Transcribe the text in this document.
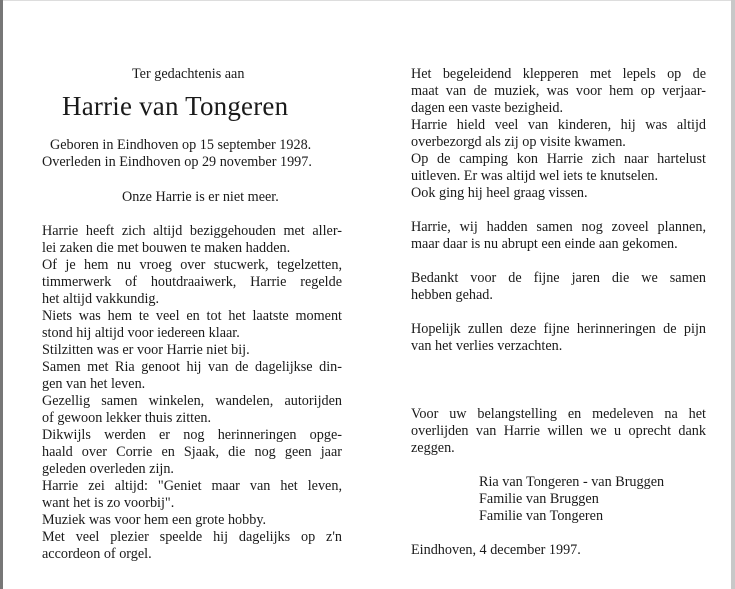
Ter gedachtenis aan
Geboren in Eindhoven op 15 september 1928.
Overleden in Eindhoven op 29 november 1997.
Onze Harrie is er niet meer.
Harrie heeft zich altijd beziggehouden met aller-
lei zaken die met bouwen te maken hadden.
Of je hem nu vroeg over stucwerk, tegelzetten,
timmerwerk of houtdraaiwerk, Harrie regelde
het altijd vakkundig.
Niets was hem te veel en tot het laatste moment
stond hij altijd voor iedereen klaar.
Stilzitten was er voor Harrie niet bij.
Samen met Ria genoot hij van de dagelijkse din-
gen van het leven.
Gezellig samen winkelen, wandelen, autorijden
of gewoon lekker thuis zitten.
Dikwijls werden er nog herinneringen opge-
haald over Corrie en Sjaak, die nog geen jaar
geleden overleden zijn.
Harrie zei altijd: "Geniet maar van het leven,
want het is zo voorbij".
Muziek was voor hem een grote hobby.
Met veel plezier speelde hij dagelijks op z'n
accordeon of orgel.
Harrie van Tongeren
Het begeleidend klepperen met lepels op de
maat van de muziek, was voor hem op verjaar-
dagen een vaste bezigheid.
Harrie hield veel van kinderen, hij was altijd
overbezorgd als zij op visite kwamen.
Op de camping kon Harrie zich naar hartelust
uitleven. Er was altijd wel iets te knutselen.
Ook ging hij heel graag vissen.
Harrie, wij hadden samen nog zoveel plannen,
maar daar is nu abrupt een einde aan gekomen.
Bedankt voor de fijne jaren die we samen
hebben gehad.
Hopelijk zullen deze fijne herinneringen de pijn
van het verlies verzachten.
Voor uw belangstelling en medeleven na het
overlijden van Harrie willen we u oprecht dank
zeggen.
Ria van Tongeren - van Bruggen
Familie van Bruggen
Familie van Tongeren
Eindhoven, 4 december 1997.
